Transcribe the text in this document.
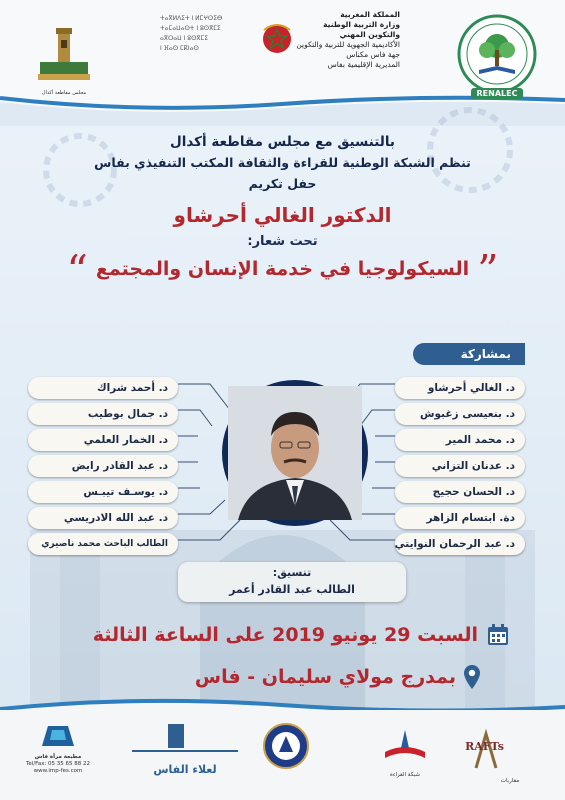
مجلس مقاطعة أكدال
المملكة المغربية
وزارة التربية الوطنية
والتكوين المهني
الأكاديمية الجهوية للتربية والتكوين
جهة فاس مكناس
المديرية الإقليمية بفاس
ⵜⴰⴳⵍⴷⵉⵜ ⵏ ⵍⵎⵖⵔⵉⴱ
ⵜⴰⵎⴰⵡⴰⵙⵜ ⵏ ⵓⵙⴳⵎⵉ
ⴰⴳⵔⴰⵡ ⵏ ⵓⵙⴳⵎⵉ
ⵏ ⴼⴰⵙ ⵎⴽⵏⴰⵙ
RENALEC
بالتنسيق مع مجلس مقاطعة أكدال
تنظم الشبكة الوطنية للقراءة والثقافة المكتب التنفيذي بفاس
حفل تكريم
الدكتور الغالي أحرشاو
تحت شعار:
”
السيكولوجيا في خدمة الإنسان والمجتمع
“
بمشاركة
د. الغالي أحرشاو
د. بنعيسى زغبوش
د. محمد المير
د. عدنان التزاني
د. الحسان حجيج
دة. ابتسام الزاهر
د. عبد الرحمان النوايتي
د. أحمد شراك
د. جمال بوطيب
د. الخمار العلمي
د. عبد القادر رايض
د. يوسـف تيبـس
د. عبد الله الادريسي
الطالب الباحث محمد ناصيري
تنسيق:
الطالب عبد القادر أعمر
السبت 29 يونيو 2019 على الساعة الثالثة
بمدرج مولاي سليمان - فاس
RAFTs
مقاربات
شبكة القراءة
لعلاء الفاس
مطبعة مرآة فاس
Tel/Fax: 05 35 65 88 22
www.imp-fes.com
